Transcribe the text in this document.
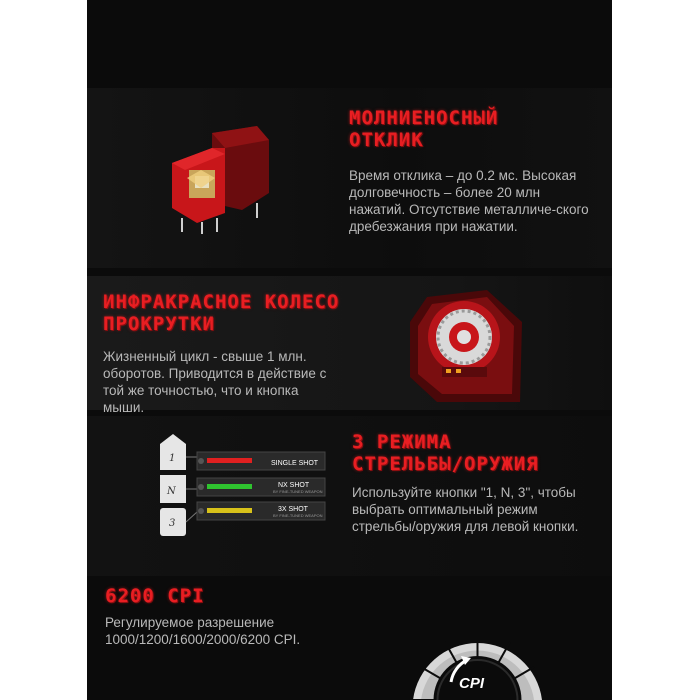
МОЛНИЕНОСНЫЙ
ОТКЛИК
Время отклика – до 0.2 мс. Высокая долговечность – более 20 млн нажатий. Отсутствие металличе-ского дребезжания при нажатии.
ИНФРАКРАСНОЕ КОЛЕСО
ПРОКРУТКИ
Жизненный цикл - свыше 1 млн. оборотов. Приводится в действие с той же точностью, что и кнопка мыши.
1
N
3
SINGLE SHOT
NX SHOT
BY FINE-TUNED WEAPON
3X SHOT
BY FINE-TUNED WEAPON
3 РЕЖИМА
СТРЕЛЬБЫ/ОРУЖИЯ
Используйте кнопки "1, N, 3", чтобы выбрать оптимальный режим стрельбы/оружия для левой кнопки.
6200 CPI
Регулируемое разрешение 1000/1200/1600/2000/6200 CPI.
CPI
